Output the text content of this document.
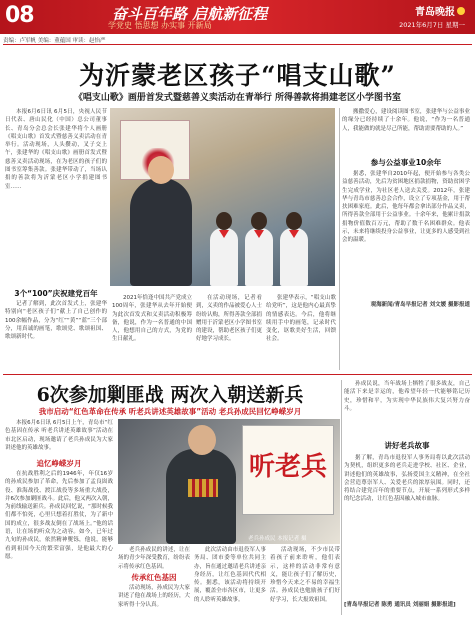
08	奋斗百年路 启航新征程
学党史 悟思想 办实事 开新局
青岛晚报
2021年6月7日 星期一
责编：卢军帆 美编：董蕴国 审读：赵怡严
为沂蒙老区孩子“唱支山歌”
《唱支山歌》画册首发式暨慈善义卖活动在青举行 所得善款将捐建老区小学图书室

本报6月6日讯 6月5日，央视人民节日代表、唐山民化（中国）总公司董事长、青岛分会总会长张建华将个人画册《唱支山歌》首发式暨慈善义卖活动在青举行。活动现场，人头攒动，叉子交上午，张建华的《唱支山歌》画册首发式暨慈善义卖活动现场，在为老区的孩子们的图书室筹集善款。张建华带动了，当场认捐的善款将为沂蒙老区小学捐建图书室……

3个“100”庆祝建党百年

记者了解到，此次首发式上，张建华特别向“老区孩子们”献上了自己创作的100余幅作品，分为“红”“黄”“蓝”三个部分，用真诚的画笔，歌颂党、歌颂祖国、歌颂新时代。

2021年恰逢中国共产党成立100周年，张建华从去年开始便为此次首发式和义卖活动积极筹备，他说，作为一名普通的中国人，他想用自己的方式，为党的生日献礼。

在活动现场，记者看到，义卖的作品被爱心人士纷纷认购，所得善款全部捐赠用于沂蒙老区小学图书室的建设，帮助老区孩子们更好地学习成长。

张建华表示，“唱支山歌给党听”，这是他内心最真挚的情感表达。今后，他将继续用手中的画笔，记录时代变化，讴歌美好生活，回馈社会。

搬撒爱心，建设阅读图书室，张建华与公益事业的缘分已经持续了十余年。他说，“作为一名普通人，我能做的就是尽己所能，帮助需要帮助的人。”

参与公益事业10余年

据悉，张建华自2010年起，便开始参与各类公益慈善活动，先后为贫困地区捐款捐物，资助贫困学生完成学业，为社区老人送去关爱。2012年，张建华与青岛市慈善总会合作，设立了专项基金，用于帮扶困难家庭。此后，他每年都会拿出部分作品义卖，所得善款全部用于公益事业。十余年来，他累计捐款捐物价值数百万元，帮助了数千名困难群众。他表示，未来将继续投身公益事业，让更多的人感受到社会的温暖。

观海新闻/青岛早报记者 刘文媛 摄影报道
6次参加剿匪战 两次入朝送新兵
我市启动“红色革命在传承 听老兵讲述英雄故事”活动 老兵孙成民回忆峥嵘岁月

本报6月6日讯 6月5日上午，青岛市“红色基因在传承 听老兵讲述英雄故事”活动在市北区启动，现场邀请了老兵孙成民为大家讲述他的英雄故事。

追忆峥嵘岁月

在抗战胜利之后的1946年，年仅16岁的孙成民参加了革命，先后参加了孟良崮战役、淮海战役、渡江战役等多场重大战役，并6次参加剿匪战斗。此后，他又两次入朝，为前线输送新兵。孙成民回忆说，“那时候我们都不怕死，心里只想着打胜仗，为了新中国的成立，很多战友倒在了战场上。”他的话语，让在场的听众为之动容。如今，已年过九旬的孙成民，依然精神矍铄，他说，能够看到祖国今天的繁荣富强，是他最大的心愿。

听老兵
老兵孙成民 本报记者 摄

老兵孙成民的讲述，让在场的青少年深受教育，纷纷表示将传承红色基因。

传承红色基因

活动现场，孙成民为大家讲述了他在战场上的经历，大家听得十分认真。

此次活动由市退役军人事务局、团市委等单位共同主办，旨在通过邀请老兵讲述亲身经历，让红色基因代代相传。据悉，该活动将持续开展，覆盖全市各区市，让更多的人聆听英雄故事。

活动现场，不少市民带着孩子前来聆听，他们表示，这样的活动非常有意义，能让孩子们了解历史，珍惜今天来之不易的幸福生活。孙成民也勉励孩子们好好学习，长大报效祖国。

孙成民说，当年战场上牺牲了很多战友，自己能活下来是幸运的，他希望年轻一代能够铭记历史，珍惜和平，为实现中华民族伟大复兴努力奋斗。

讲好老兵故事

据了解，青岛市退役军人事务局将以此次活动为契机，组织更多的老兵走进学校、社区、企业，讲述他们的英雄故事，弘扬爱国主义精神，在全社会营造尊崇军人、关爱老兵的浓厚氛围。同时，还将结合建党百年的重要节点，开展一系列形式多样的纪念活动，让红色基因融入城市血脉。

[青岛早报记者 陈勇 通讯员 刘丽娟 摄影报道]
